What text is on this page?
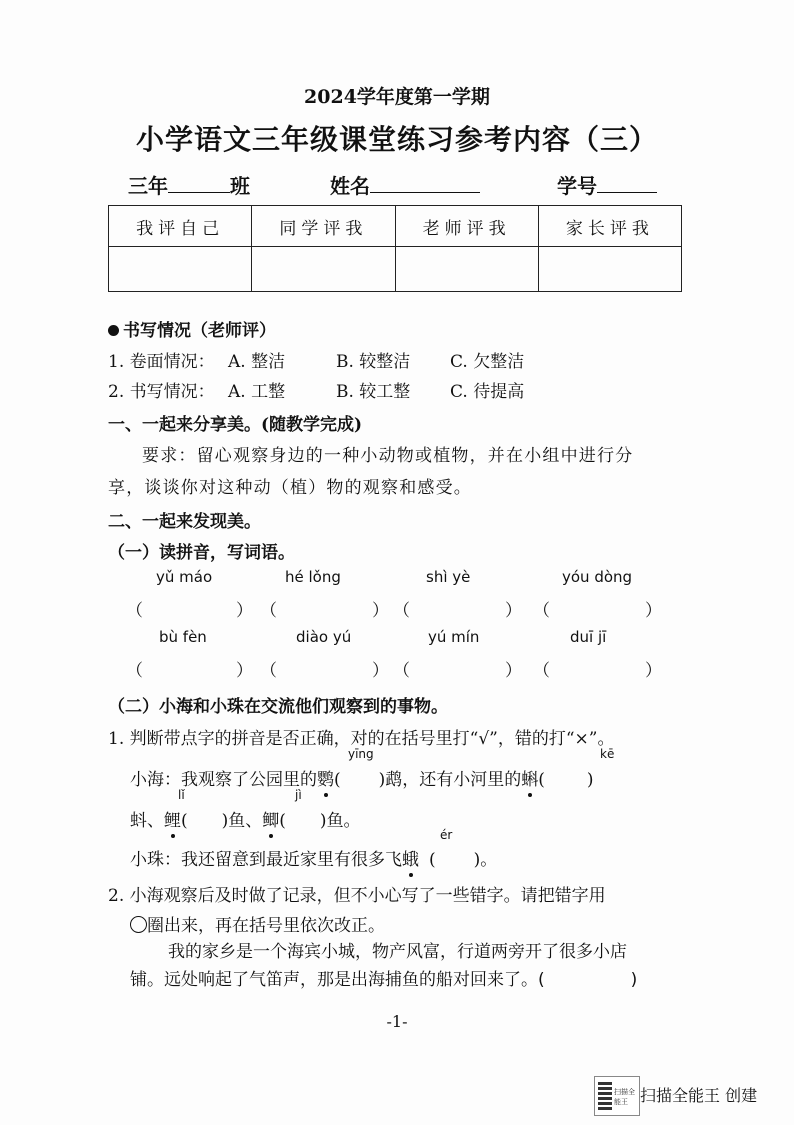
2024学年度第一学期
小学语文三年级课堂练习参考内容（三）
三年	班	姓名	学号
我评自己	同学评我	老师评我	家长评我

书写情况（老师评）
1. 卷面情况： A. 整洁	B. 较整洁 C. 欠整洁
2. 书写情况： A. 工整	B. 较工整 C. 待提高
一、一起来分享美。(随教学完成)
要求：留心观察身边的一种小动物或植物，并在小组中进行分
享，谈谈你对这种动（植）物的观察和感受。
二、一起来发现美。
（一）读拼音，写词语。
yǔ máo	hé lǒng	shì yè	yóu dòng
（	） （	） （	） （	）
bù fèn	diào yú	yú mín	duī jī
（	） （	） （	） （	）
（二）小海和小珠在交流他们观察到的事物。
1. 判断带点字的拼音是否正确，对的在括号里打“√”，错的打“×”。
yīng	kē
小海：我观察了公园里的鹦( )鹉，还有小河里的蝌( )
lǐ	jì
蚪、鲤( )鱼、鲫( )鱼。
ér
小珠：我还留意到最近家里有很多飞蛾 ( )。
2. 小海观察后及时做了记录，但不小心写了一些错字。请把错字用
圈出来，再在括号里依次改正。
我的家乡是一个海宾小城，物产风富，行道两旁开了很多小店
铺。远处响起了气笛声，那是出海捕鱼的船对回来了。(	)
-1-
扫描全能王 扫描全能王 创建
